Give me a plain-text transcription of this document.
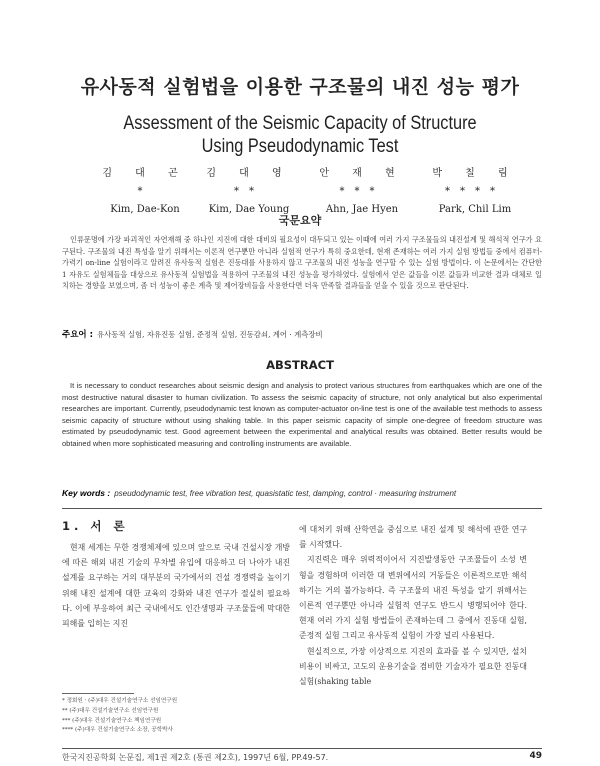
유사동적 실험법을 이용한 구조물의 내진 성능 평가
Assessment of the Seismic Capacity of Structure
Using Pseudodynamic Test
김 대 곤*
Kim, Dae-Kon
김 대 영**
Kim, Dae Young
안 재 현***
Ahn, Jae Hyen
박 칠 림****
Park, Chil Lim
국문요약
인류문명에 가장 파괴적인 자연재해 중 하나인 지진에 대한 대비의 필요성이 대두되고 있는 이때에 여러 가지 구조물들의 내진설계 및 해석적 연구가 요구된다. 구조물의 내진 특성을 알기 위해서는 이론적 연구뿐만 아니라 실험적 연구가 특히 중요한데, 현재 존재하는 여러 가지 실험 방법들 중에서 컴퓨터-가력기 on-line 실험이라고 알려진 유사동적 실험은 진동대를 사용하지 않고 구조물의 내진 성능을 연구할 수 있는 실험 방법이다. 이 논문에서는 간단한 1 자유도 실험체들을 대상으로 유사동적 실험법을 적용하여 구조물의 내진 성능을 평가하였다. 실험에서 얻은 값들을 이론 값들과 비교한 결과 대체로 일치하는 경향을 보였으며, 좀 더 성능이 좋은 계측 및 제어장비들을 사용한다면 더욱 만족할 결과들을 얻을 수 있을 것으로 판단된다.
주요어 : 유사동적 실험, 자유진동 실험, 준정적 실험, 진동감쇠, 계어 · 계측장비
ABSTRACT
It is necessary to conduct researches about seismic design and analysis to protect various structures from earthquakes which are one of the most destructive natural disaster to human civilization. To assess the seismic capacity of structure, not only analytical but also experimental researches are important. Currently, pseudodynamic test known as computer-actuator on-line test is one of the available test methods to assess seismic capacity of structure without using shaking table. In this paper seismic capacity of simple one-degree of freedom structure was estimated by pseudodynamic test. Good agreement between the experimental and analytical results was obtained. Better results would be obtained when more sophisticated measuring and controlling instruments are available.
Key words : pseudodynamic test, free vibration test, quasistatic test, damping, control · measuring instrument
1. 서 론

현재 세계는 무한 경쟁체제에 있으며 앞으로 국내 건설시장 개방에 따른 해외 내진 기술의 무차별 유입에 대응하고 더 나아가 내진 설계를 요구하는 거의 대부분의 국가에서의 건설 경쟁력을 높이기 위해 내진 설계에 대한 교육의 강화와 내진 연구가 절실히 필요하다. 이에 부응하여 최근 국내에서도 인간생명과 구조물들에 막대한 피해를 입히는 지진

에 대처키 위해 산학연을 중심으로 내진 설계 및 해석에 관한 연구를 시작했다.

지진력은 매우 위력적이어서 지진발생동안 구조물들이 소성 변형을 경험하며 이러한 대 변위에서의 거동들은 이론적으로만 해석하기는 거의 불가능하다. 즉 구조물의 내진 특성을 알기 위해서는 이론적 연구뿐만 아니라 실험적 연구도 반드시 병행되어야 한다. 현재 여러 가지 실험 방법들이 존재하는데 그 중에서 진동대 실험, 준정적 실험 그리고 유사동적 실험이 가장 널리 사용된다.

현실적으로, 가장 이상적으로 지진의 효과를 볼 수 있지만, 설치 비용이 비싸고, 고도의 운용기술을 겸비한 기술자가 필요한 진동대 실험(shaking table

* 정회원 · (주)대우 건설기술연구소 선임연구원
** (주)대우 건설기술연구소 선임연구원
*** (주)대우 건설기술연구소 책임연구원
**** (주)대우 건설기술연구소 소장, 공학박사
한국지진공학회 논문집, 제1권 제2호 (통권 제2호), 1997년 6월, PP.49-57.	49
